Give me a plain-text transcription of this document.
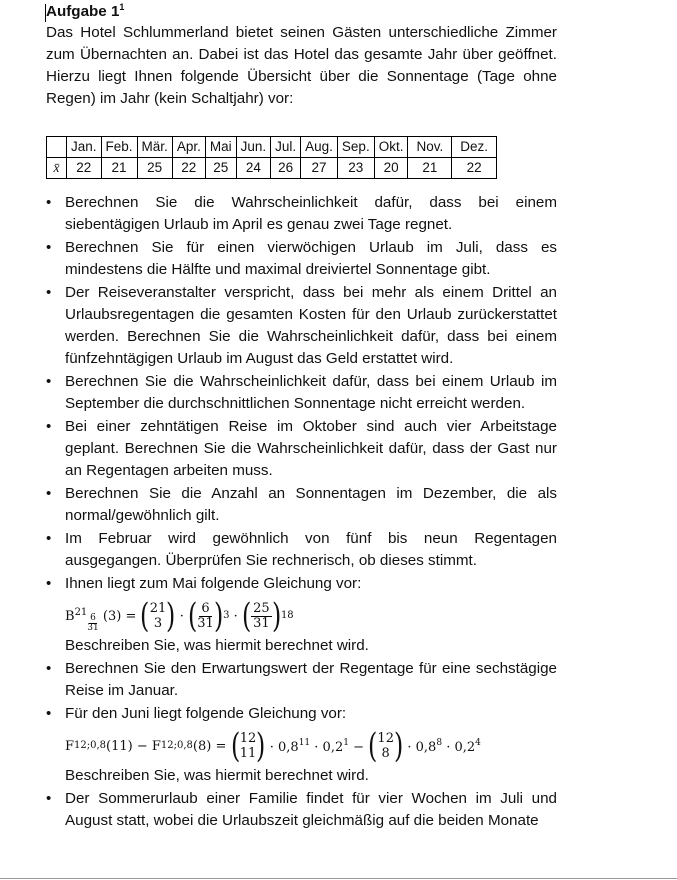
Aufgabe $1^1$

Das Hotel Schlummerland bietet seinen Gästen unterschiedliche Zimmer zum Übernachten an. Dabei ist das Hotel das gesamte Jahr über geöffnet. Hierzu liegt Ihnen folgende Übersicht über die Sonnentage (Tage ohne Regen) im Jahr (kein Schaltjahr) vor:

	Jan.	Feb.	Mär.	Apr.	Mai	Jun.	Jul.	Aug.	Sep.	Okt.	Nov.	Dez.
x̄	22	21	25	22	25	24	26	27	23	20	21	22
• Berechnen Sie die Wahrscheinlichkeit dafür, dass bei einem siebentägigen Urlaub im April es genau zwei Tage regnet.
• Berechnen Sie für einen vierwöchigen Urlaub im Juli, dass es mindestens die Hälfte und maximal dreiviertel Sonnentage gibt.
• Der Reiseveranstalter verspricht, dass bei mehr als einem Drittel an Urlaubsregentagen die gesamten Kosten für den Urlaub zurückerstattet werden. Berechnen Sie die Wahrscheinlichkeit dafür, dass bei einem fünfzehntägigen Urlaub im August das Geld erstattet wird.
• Berechnen Sie die Wahrscheinlichkeit dafür, dass bei einem Urlaub im September die durchschnittlichen Sonnentage nicht erreicht werden.
• Bei einer zehntätigen Reise im Oktober sind auch vier Arbeitstage geplant. Berechnen Sie die Wahrscheinlichkeit dafür, dass der Gast nur an Regentagen arbeiten muss.
• Berechnen Sie die Anzahl an Sonnentagen im Dezember, die als normal/gewöhnlich gilt.
• Im Februar wird gewöhnlich von fünf bis neun Regentagen ausgegangen. Überprüfen Sie rechnerisch, ob dieses stimmt.
• Ihnen liegt zum Mai folgende Gleichung vor:
$B_{21}$
$\frac{6}{31} (3)$ = ( 21
3 ) · ( $\frac{6}{31}$ ) 3 · ( $\frac{25}{31}$ ) 18
Beschreiben Sie, was hiermit berechnet wird.
• Berechnen Sie den Erwartungswert der Regentage für eine sechstägige Reise im Januar.
• Für den Juni liegt folgende Gleichung vor:
F12;0,8(11) − F12;0,8(8) = ( 12
11 ) · $0,8^{11} \cdot 0,2^1$ − ( 12
8 ) · $0,8^8 \cdot 0,2^4$
Beschreiben Sie, was hiermit berechnet wird.
• Der Sommerurlaub einer Familie findet für vier Wochen im Juli und August statt, wobei die Urlaubszeit gleichmäßig auf die beiden Monate
